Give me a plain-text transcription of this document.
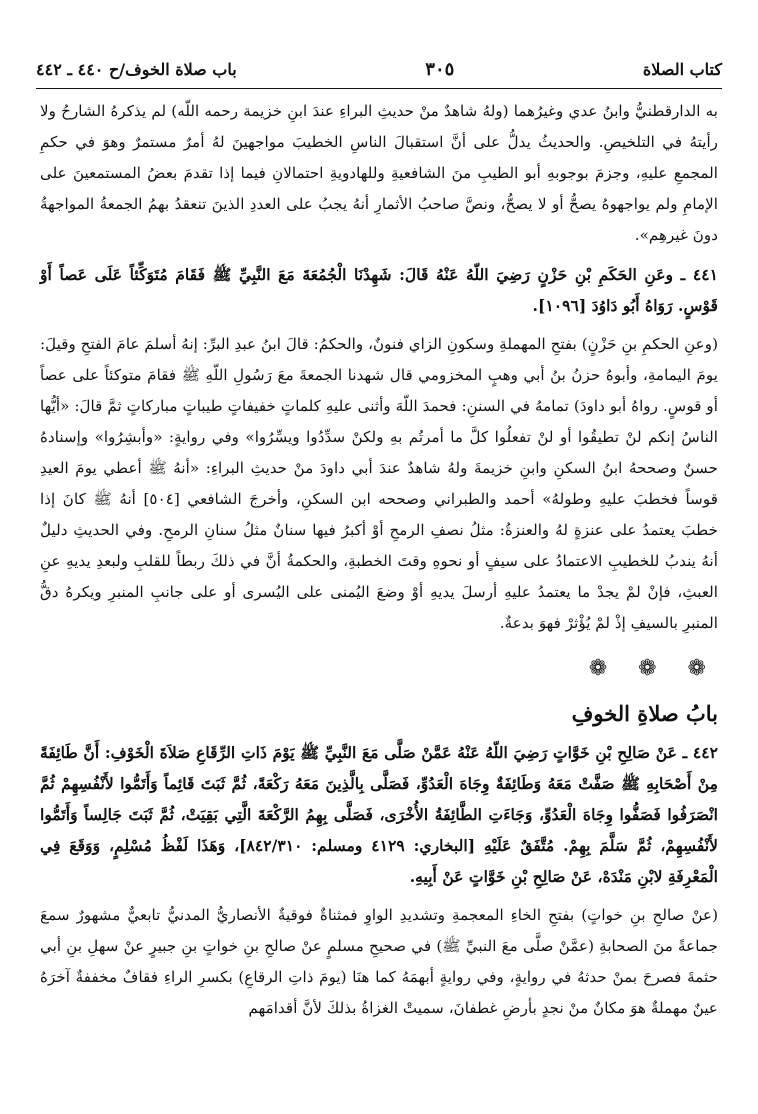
كتاب الصلاة
٣٠٥
باب صلاة الخوف/ح ٤٤٠ ـ ٤٤٢

به الدارقطنيُّ وابنُ عدي وغيرُهما (ولهُ شاهدٌ منْ حديثِ البراءِ عندَ ابنِ خزيمة رحمه اللّه) لم يذكرهُ الشارحُ ولا رأيتهُ في التلخيصِ. والحديثُ يدلُّ على أنَّ استقبالَ الناسِ الخطيبَ مواجهينَ لهُ أمرٌ مستمرٌ وهوَ في حكمِ المجمعِ عليهِ، وجزمَ بوجوبهِ أبو الطيبِ منَ الشافعيةِ وللهادويةِ احتمالانِ فيما إذا تقدمَ بعضُ المستمعينَ على الإمامِ ولم يواجهوهُ يصحُّ أو لا يصحُّ، ونصَّ صاحبُ الأثمارِ أنهُ يجبُ على العددِ الذينَ تنعقدُ بهمُ الجمعةُ المواجهةُ دونَ غيرهِم».

٤٤١ ـ وعَنِ الحَكَمِ بْنِ حَزْنٍ رَضِيَ اللّهُ عَنْهُ قَالَ: شَهِدْنَا الْجُمُعَةَ مَعَ النَّبِيِّ ﷺ فَقَامَ مُتَوَكِّئاً عَلَى عَصاً أَوْ قَوْسٍ. رَوَاهُ أَبُو دَاوُدَ [١٠٩٦].

(وعنِ الحكمِ بنِ حَزْنٍ) بفتحِ المهملةِ وسكونِ الزاي فنونٌ، والحكمُ: قالَ ابنُ عبدِ البرِّ: إنهُ أسلمَ عامَ الفتحِ وقيلَ: يومَ اليمامةِ، وأبوهُ حزنُ بنُ أبي وهبٍ المخزومي قال شهدنا الجمعةَ معَ رَسُولِ اللّهِ ﷺ فقامَ متوكئاً على عصاً أو قوسٍ. رواهُ أبو داودَ) تمامهُ في السننِ: فحمدَ اللّهَ وأثنى عليهِ كلماتٍ خفيفاتٍ طيباتٍ مباركاتٍ ثمَّ قالَ: «أيُّها الناسُ إنكم لنْ تطيقُوا أو لنْ تفعلُوا كلَّ ما أمرتُم بهِ ولكنْ سدِّدُوا ويسِّرُوا» وفي روايةٍ: «وأبشِرُوا» وإسنادهُ حسنٌ وصححهُ ابنُ السكنِ وابنِ خزيمةَ ولهُ شاهدٌ عندَ أبي داودَ منْ حديثِ البراءِ: «أنهُ ﷺ أعطي يومَ العيدِ قوساً فخطبَ عليهِ وطولهُ» أحمد والطبراني وصححه ابن السكنِ، وأخرجَ الشافعي [٥٠٤] أنهُ ﷺ كانَ إذا خطبَ يعتمدُ على عنزةٍ لهُ والعنزةُ: مثلُ نصفِ الرمحِ أوْ أكبرُ فيها سنانٌ مثلُ سنانِ الرمحِ. وفي الحديثِ دليلٌ أنهُ يندبُ للخطيبِ الاعتمادُ على سيفٍ أو نحوهِ وقتَ الخطبةِ، والحكمةُ أنَّ في ذلكَ ربطاً للقلبِ ولبعدِ يديهِ عنِ العبثِ، فإنْ لمْ يجدْ ما يعتمدُ عليهِ أرسلَ يديهِ أوْ وضعَ اليُمنى على اليُسرى أو على جانبِ المنبرِ ويكرهُ دقُّ المنبرِ بالسيفِ إذْ لمْ يُؤْثرْ فهوَ بدعةٌ.

❁ ❁ ❁
بابُ صلاةِ الخوفِ

٤٤٢ ـ عَنْ صَالِحِ بْنِ خَوَّاتٍ رَضِيَ اللّهُ عَنْهُ عَمَّنْ صَلَّى مَعَ النَّبِيِّ ﷺ يَوْمَ ذَاتِ الرِّقَاعِ صَلاَةَ الْخَوْفِ: أَنَّ طَائِفَةً مِنْ أَصْحَابِهِ ﷺ صَفَّتْ مَعَهُ وَطَائِفَةٌ وِجَاهَ الْعَدُوِّ، فَصَلَّى بِالَّذِينَ مَعَهُ رَكْعَةً، ثُمَّ ثَبَتَ قَائِماً وَأَتَمُّوا لأَنْفُسِهِمْ ثُمَّ انْصَرَفُوا فَصَفُّوا وِجَاهَ الْعَدُوِّ، وَجَاءَتِ الطَّائِفَةُ الأُخْرَى، فَصَلَّى بِهِمُ الرَّكْعَةَ الَّتِي بَقِيَتْ، ثُمَّ ثَبَتَ جَالِساً وَأَتَمُّوا لأَنْفُسِهِمْ، ثُمَّ سَلَّمَ بِهِمْ. مُتَّفَقٌ عَلَيْهِ [البخاري: ٤١٢٩ ومسلم: ٨٤٢/٣١٠]، وَهَذَا لَفْظُ مُسْلِمٍ، وَوَقَعَ فِي الْمَعْرِفَةِ لابْنِ مَنْدَهْ، عَنْ صَالِحِ بْنِ خَوَّاتٍ عَنْ أَبِيهِ.

(عنْ صالحِ بنِ خواتٍ) بفتحِ الخاءِ المعجمةِ وتشديدِ الواوِ فمثناةٌ فوقيةٌ الأنصاريُّ المدنيُّ تابعيٌّ مشهورٌ سمعَ جماعةً منَ الصحابةِ (عمَّنْ صلَّى معَ النبيِّ ﷺ) في صحيحِ مسلمٍ عنْ صالحِ بنِ خواتٍ بنِ جبيرٍ عنْ سهلِ بنِ أبي حثمةَ فصرحَ بمنْ حدثهُ في روايةٍ، وفي روايةٍ أبهمَهُ كما هنَا (يومَ ذاتِ الرقاعِ) بكسرِ الراءِ فقافٌ مخففةٌ آخرَهُ عينٌ مهملةٌ هوَ مكانٌ منْ نجدٍ بأرضِ غطفانَ، سميتْ الغزاةُ بذلكَ لأنَّ أقدامَهم
